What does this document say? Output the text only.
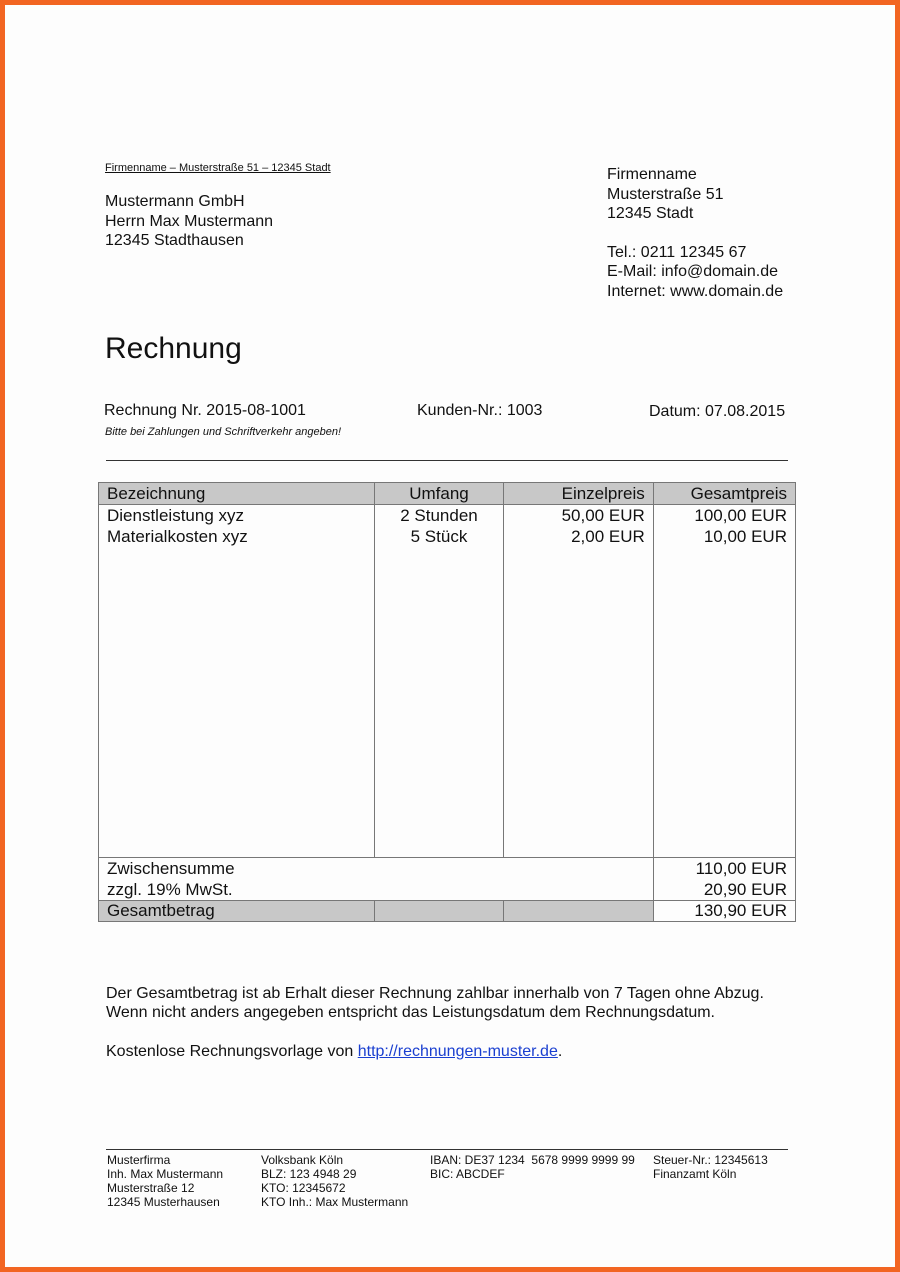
Firmenname – Musterstraße 51 – 12345 Stadt
Mustermann GmbH
Herrn Max Mustermann
12345 Stadthausen
Firmenname
Musterstraße 51
12345 Stadt
Tel.: 0211 12345 67
E-Mail: info@domain.de
Internet: www.domain.de
Rechnung
Rechnung Nr. 2015-08-1001	Kunden-Nr.: 1003	Datum: 07.08.2015
Bitte bei Zahlungen und Schriftverkehr angeben!
Bezeichnung	Umfang	Einzelpreis	Gesamtpreis
Dienstleistung xyz	2 Stunden	50,00 EUR	100,00 EUR
Materialkosten xyz	5 Stück	2,00 EUR	10,00 EUR

Zwischensumme			110,00 EUR
zzgl. 19% MwSt.			20,90 EUR
Gesamtbetrag			130,90 EUR
Der Gesamtbetrag ist ab Erhalt dieser Rechnung zahlbar innerhalb von 7 Tagen ohne Abzug.
Wenn nicht anders angegeben entspricht das Leistungsdatum dem Rechnungsdatum.
Kostenlose Rechnungsvorlage von http://rechnungen-muster.de.
Musterfirma
Inh. Max Mustermann
Musterstraße 12
12345 Musterhausen
Volksbank Köln
BLZ: 123 4948 29
KTO: 12345672
KTO Inh.: Max Mustermann
IBAN: DE37 1234  5678 9999 9999 99
BIC: ABCDEF
Steuer-Nr.: 12345613
Finanzamt Köln
